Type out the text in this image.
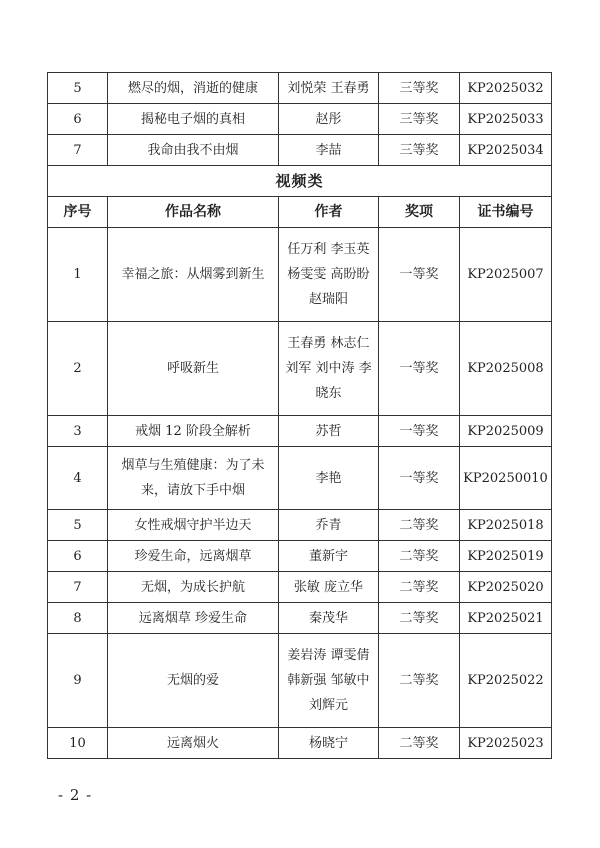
5	燃尽的烟，消逝的健康	刘悦荣 王春勇	三等奖	KP2025032
6	揭秘电子烟的真相	赵彤	三等奖	KP2025033
7	我命由我不由烟	李喆	三等奖	KP2025034
视频类				
序号	作品名称	作者	奖项	证书编号
1	幸福之旅：从烟雾到新生	任万利 李玉英 杨雯雯 高盼盼 赵瑞阳	一等奖	KP2025007
2	呼吸新生	王春勇 林志仁 刘军 刘中涛 李晓东	一等奖	KP2025008
3	戒烟 12 阶段全解析	苏哲	一等奖	KP2025009
4	烟草与生殖健康：为了未来，请放下手中烟	李艳	一等奖	KP20250010
5	女性戒烟守护半边天	乔青	二等奖	KP2025018
6	珍爱生命，远离烟草	董新宇	二等奖	KP2025019
7	无烟，为成长护航	张敏 庞立华	二等奖	KP2025020
8	远离烟草 珍爱生命	秦茂华	二等奖	KP2025021
9	无烟的爱	姜岩涛 谭雯倩 韩新强 邹敏中 刘辉元	二等奖	KP2025022
10	远离烟火	杨晓宁	二等奖	KP2025023
- 2 -
